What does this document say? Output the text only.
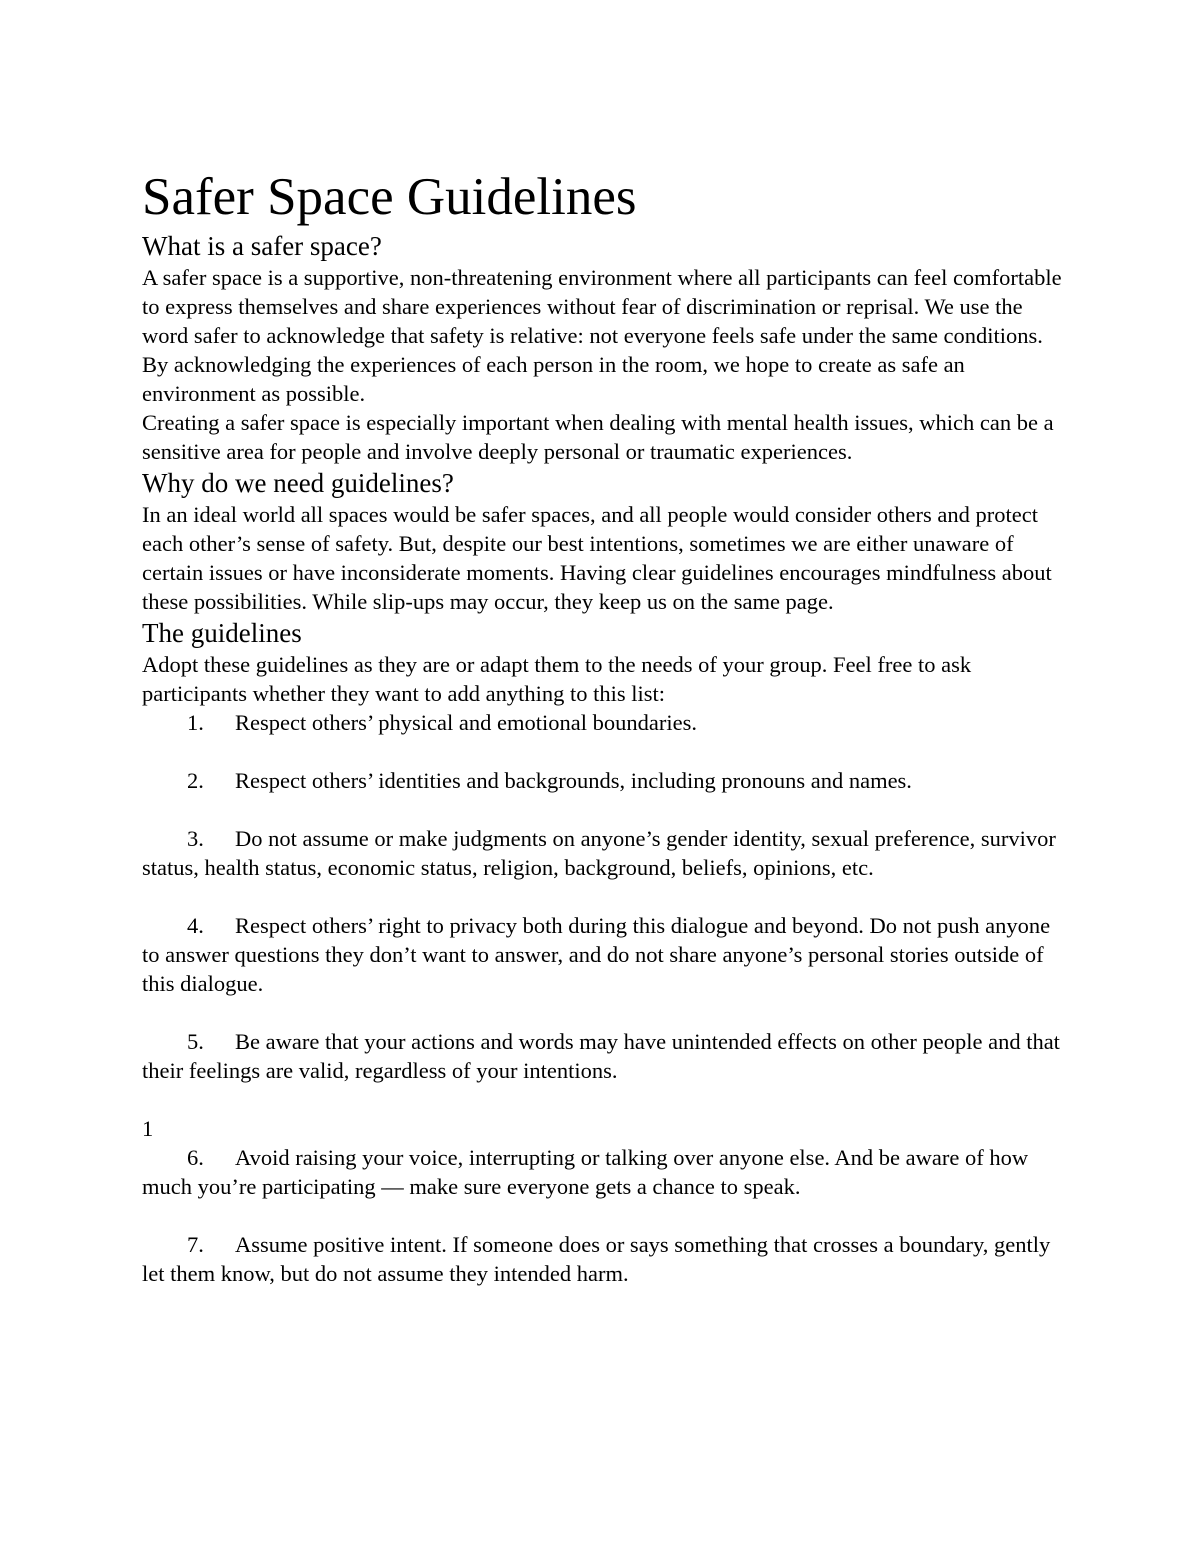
Safer Space Guidelines
What is a safer space?

A safer space is a supportive, non-threatening environment where all participants can feel comfortable to express themselves and share experiences without fear of discrimination or reprisal. We use the word safer to acknowledge that safety is relative: not everyone feels safe under the same conditions. By acknowledging the experiences of each person in the room, we hope to create as safe an environment as possible.

Creating a safer space is especially important when dealing with mental health issues, which can be a sensitive area for people and involve deeply personal or traumatic experiences.

Why do we need guidelines?

In an ideal world all spaces would be safer spaces, and all people would consider others and protect each other’s sense of safety. But, despite our best intentions, sometimes we are either unaware of certain issues or have inconsiderate moments. Having clear guidelines encourages mindfulness about these possibilities. While slip-ups may occur, they keep us on the same page.

The guidelines

Adopt these guidelines as they are or adapt them to the needs of your group. Feel free to ask participants whether they want to add anything to this list:

1. Respect others’ physical and emotional boundaries.

2. Respect others’ identities and backgrounds, including pronouns and names.

3. Do not assume or make judgments on anyone’s gender identity, sexual preference, survivor status, health status, economic status, religion, background, beliefs, opinions, etc.

4. Respect others’ right to privacy both during this dialogue and beyond. Do not push anyone to answer questions they don’t want to answer, and do not share anyone’s personal stories outside of this dialogue.

5. Be aware that your actions and words may have unintended effects on other people and that their feelings are valid, regardless of your intentions.

1

6. Avoid raising your voice, interrupting or talking over anyone else. And be aware of how much you’re participating — make sure everyone gets a chance to speak.

7. Assume positive intent. If someone does or says something that crosses a boundary, gently let them know, but do not assume they intended harm.
